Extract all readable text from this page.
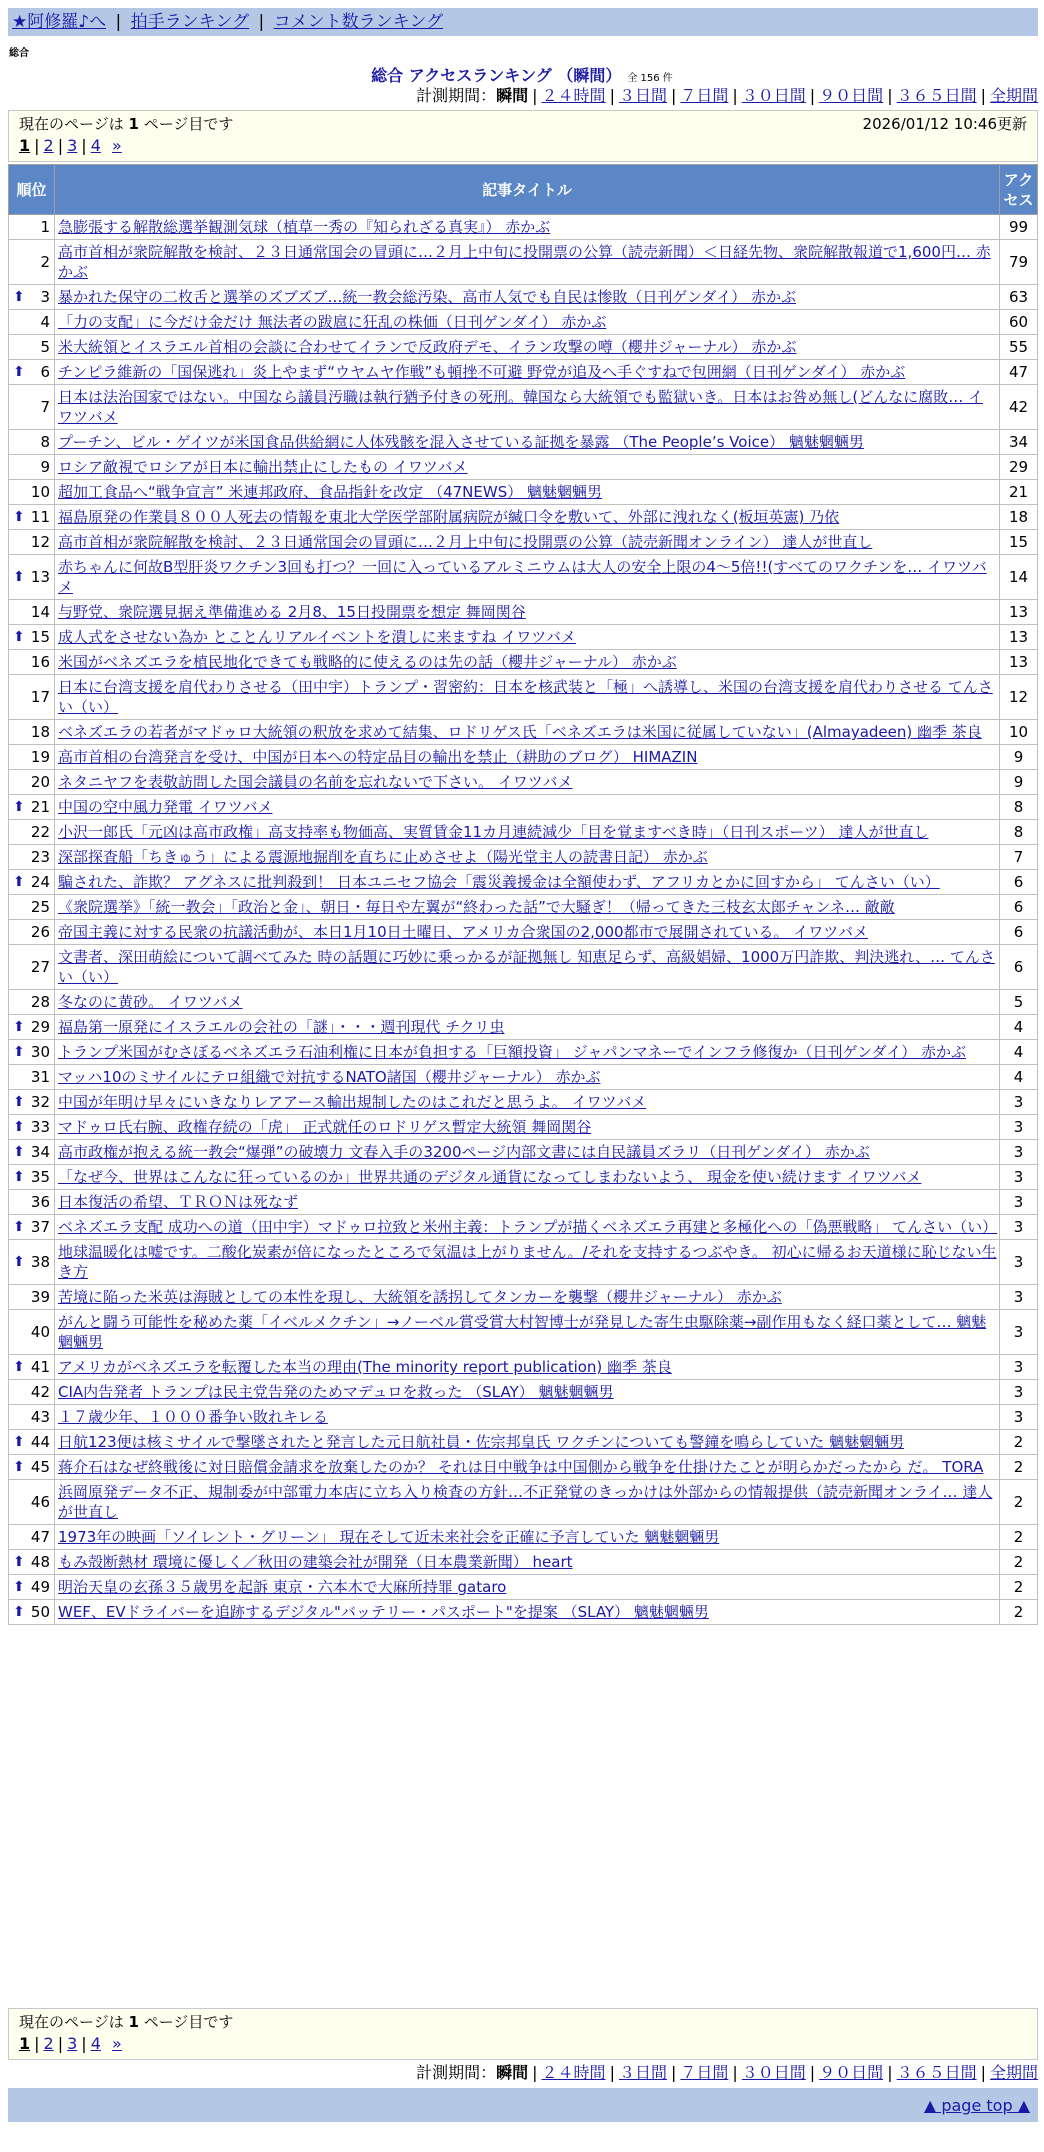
★阿修羅♪へ | 拍手ランキング | コメント数ランキング
総合
総合 アクセスランキング （瞬間） 全 156 件
計測期間：瞬間 | ２４時間 | ３日間 | ７日間 | ３０日間 | ９０日間 | ３６５日間 | 全期間
現在のページは 1 ページ目です	2026/01/12 10:46更新
1 | 2 | 3 | 4 »
順位	記事タイトル	アクセス
1	急膨張する解散総選挙観測気球（植草一秀の『知られざる真実』） 赤かぶ	99
2	高市首相が衆院解散を検討、２３日通常国会の冒頭に…２月上中旬に投開票の公算（読売新聞）＜日経先物、衆院解散報道で1,600円… 赤かぶ	79

⬆ 3	暴かれた保守の二枚舌と選挙のズブズブ…統一教会総汚染、高市人気でも自民は惨敗（日刊ゲンダイ） 赤かぶ	63
4	「力の支配」に今だけ金だけ 無法者の跋扈に狂乱の株価（日刊ゲンダイ） 赤かぶ	60
5	米大統領とイスラエル首相の会談に合わせてイランで反政府デモ、イラン攻撃の噂（櫻井ジャーナル） 赤かぶ	55

⬆ 6	チンピラ維新の「国保逃れ」炎上やまず“ウヤムヤ作戦”も頓挫不可避 野党が追及へ手ぐすねで包囲網（日刊ゲンダイ） 赤かぶ	47
7	日本は法治国家ではない。中国なら議員汚職は執行猶予付きの死刑。韓国なら大統領でも監獄いき。日本はお咎め無し(どんなに腐敗… イワツバメ	42
8	プーチン、ビル・ゲイツが米国食品供給網に人体残骸を混入させている証拠を暴露 （The People’s Voice） 魑魅魍魎男	34
9	ロシア敵視でロシアが日本に輸出禁止にしたもの イワツバメ	29
10	超加工食品へ“戦争宣言” 米連邦政府、食品指針を改定 （47NEWS） 魑魅魍魎男	21

⬆ 11	福島原発の作業員８００人死去の情報を東北大学医学部附属病院が緘口令を敷いて、外部に洩れなく(板垣英憲) 乃依	18
12	高市首相が衆院解散を検討、２３日通常国会の冒頭に…２月上中旬に投開票の公算（読売新聞オンライン） 達人が世直し	15

⬆ 13	赤ちゃんに何故B型肝炎ワクチン3回も打つ？一回に入っているアルミニウムは大人の安全上限の4～5倍!!(すべてのワクチンを… イワツバメ	14
14	与野党、衆院選見据え準備進める 2月8、15日投開票を想定 舞岡関谷	13

⬆ 15	成人式をさせない為か とことんリアルイベントを潰しに来ますね イワツバメ	13
16	米国がベネズエラを植民地化できても戦略的に使えるのは先の話（櫻井ジャーナル） 赤かぶ	13
17	日本に台湾支援を肩代わりさせる（田中宇）トランプ・習密約：日本を核武装と「極」へ誘導し、米国の台湾支援を肩代わりさせる てんさい（い）	12
18	ベネズエラの若者がマドゥロ大統領の釈放を求めて結集、ロドリゲス氏「ベネズエラは米国に従属していない」(Almayadeen) 幽季 茶良	10
19	高市首相の台湾発言を受け、中国が日本への特定品目の輸出を禁止（耕助のブログ） HIMAZIN	9
20	ネタニヤフを表敬訪問した国会議員の名前を忘れないで下さい。 イワツバメ	9

⬆ 21	中国の空中風力発電 イワツバメ	8
22	小沢一郎氏「元凶は高市政権」高支持率も物価高、実質賃金11カ月連続減少「目を覚ますべき時」（日刊スポーツ） 達人が世直し	8
23	深部探査船「ちきゅう」による震源地掘削を直ちに止めさせよ（陽光堂主人の読書日記） 赤かぶ	7

⬆ 24	騙された、詐欺？ アグネスに批判殺到！ 日本ユニセフ協会「震災義援金は全額使わず、アフリカとかに回すから」 てんさい（い）	6
25	《衆院選挙》「統一教会」「政治と金」、朝日・毎日や左翼が“終わった話”で大騒ぎ！（帰ってきた三枝玄太郎チャンネ… 敵敵	6
26	帝国主義に対する民衆の抗議活動が、本日1月10日土曜日、アメリカ合衆国の2,000都市で展開されている。 イワツバメ	6
27	文書者、深田萌絵について調べてみた 時の話題に巧妙に乗っかるが証拠無し 知恵足らず、高級娼婦、1000万円詐欺、判決逃れ、… てんさい（い）	6
28	冬なのに黄砂。 イワツバメ	5

⬆ 29	福島第一原発にイスラエルの会社の「謎」・・・週刊現代 チクリ虫	4

⬆ 30	トランプ米国がむさぼるベネズエラ石油利権に日本が負担する「巨額投資」 ジャパンマネーでインフラ修復か（日刊ゲンダイ） 赤かぶ	4
31	マッハ10のミサイルにテロ組織で対抗するNATO諸国（櫻井ジャーナル） 赤かぶ	4

⬆ 32	中国が年明け早々にいきなりレアアース輸出規制したのはこれだと思うよ。 イワツバメ	3

⬆ 33	マドゥロ氏右腕、政権存続の「虎」 正式就任のロドリゲス暫定大統領 舞岡関谷	3

⬆ 34	高市政権が抱える統一教会“爆弾”の破壊力 文春入手の3200ページ内部文書には自民議員ズラリ（日刊ゲンダイ） 赤かぶ	3

⬆ 35	「なぜ今、世界はこんなに狂っているのか」世界共通のデジタル通貨になってしまわないよう、 現金を使い続けます イワツバメ	3
36	日本復活の希望、ＴＲＯＮは死なず	3

⬆ 37	ベネズエラ支配 成功への道（田中宇）マドゥロ拉致と米州主義：トランプが描くベネズエラ再建と多極化への「偽悪戦略」 てんさい（い）	3

⬆ 38	地球温暖化は嘘です。二酸化炭素が倍になったところで気温は上がりません。/それを支持するつぶやき。 初心に帰るお天道様に恥じない生き方	3
39	苦境に陥った米英は海賊としての本性を現し、大統領を誘拐してタンカーを襲撃（櫻井ジャーナル） 赤かぶ	3
40	がんと闘う可能性を秘めた薬「イベルメクチン」→ノーベル賞受賞大村智博士が発見した寄生虫駆除薬→副作用もなく経口薬として… 魑魅魍魎男	3

⬆ 41	アメリカがベネズエラを転覆した本当の理由(The minority report publication) 幽季 茶良	3
42	CIA内告発者 トランプは民主党告発のためマデュロを救った （SLAY） 魑魅魍魎男	3
43	１７歳少年、１０００番争い敗れキレる	3

⬆ 44	日航123便は核ミサイルで撃墜されたと発言した元日航社員・佐宗邦皇氏 ワクチンについても警鐘を鳴らしていた 魑魅魍魎男	2

⬆ 45	蒋介石はなぜ終戦後に対日賠償金請求を放棄したのか？ それは日中戦争は中国側から戦争を仕掛けたことが明らかだったから だ。 TORA	2
46	浜岡原発データ不正、規制委が中部電力本店に立ち入り検査の方針…不正発覚のきっかけは外部からの情報提供（読売新聞オンライ… 達人が世直し	2
47	1973年の映画「ソイレント・グリーン」 現在そして近未来社会を正確に予言していた 魑魅魍魎男	2

⬆ 48	もみ殻断熱材 環境に優しく／秋田の建築会社が開発（日本農業新聞） heart	2

⬆ 49	明治天皇の玄孫３５歳男を起訴 東京・六本木で大麻所持罪 gataro	2

⬆ 50	WEF、EVドライバーを追跡するデジタル"バッテリー・パスポート"を提案 （SLAY） 魑魅魍魎男	2
現在のページは 1 ページ目です
1 | 2 | 3 | 4 »
計測期間：瞬間 | ２４時間 | ３日間 | ７日間 | ３０日間 | ９０日間 | ３６５日間 | 全期間
▲ page top ▲
